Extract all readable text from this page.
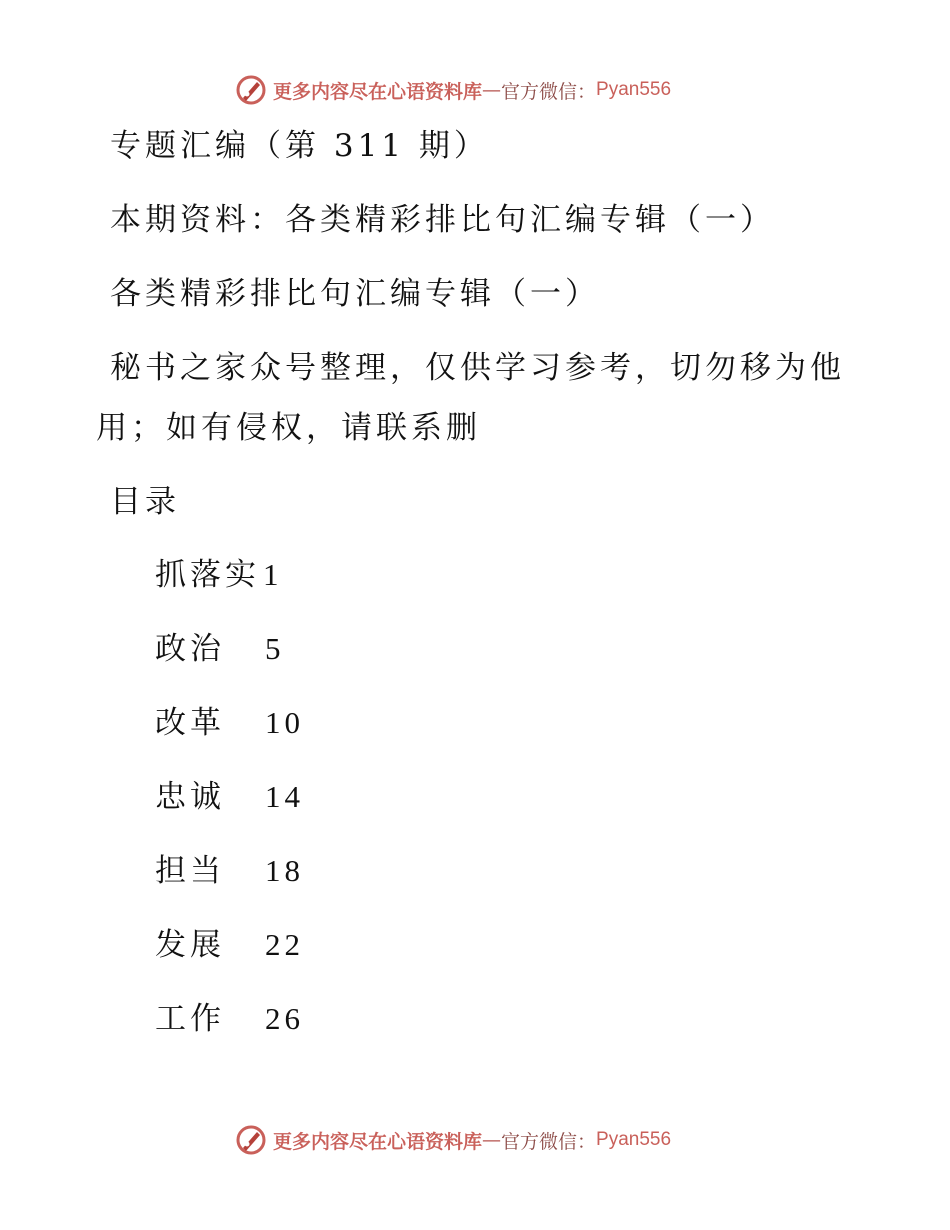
更多内容尽在心语资料库 — 官方微信： Pyan556
专题汇编（第 311 期）
本期资料：各类精彩排比句汇编专辑（一）
各类精彩排比句汇编专辑（一）
秘书之家众号整理，仅供学习参考，切勿移为他
用；如有侵权，请联系删
目录
抓落实1
政治 5
改革 10
忠诚 14
担当 18
发展 22
工作 26
更多内容尽在心语资料库 — 官方微信： Pyan556
